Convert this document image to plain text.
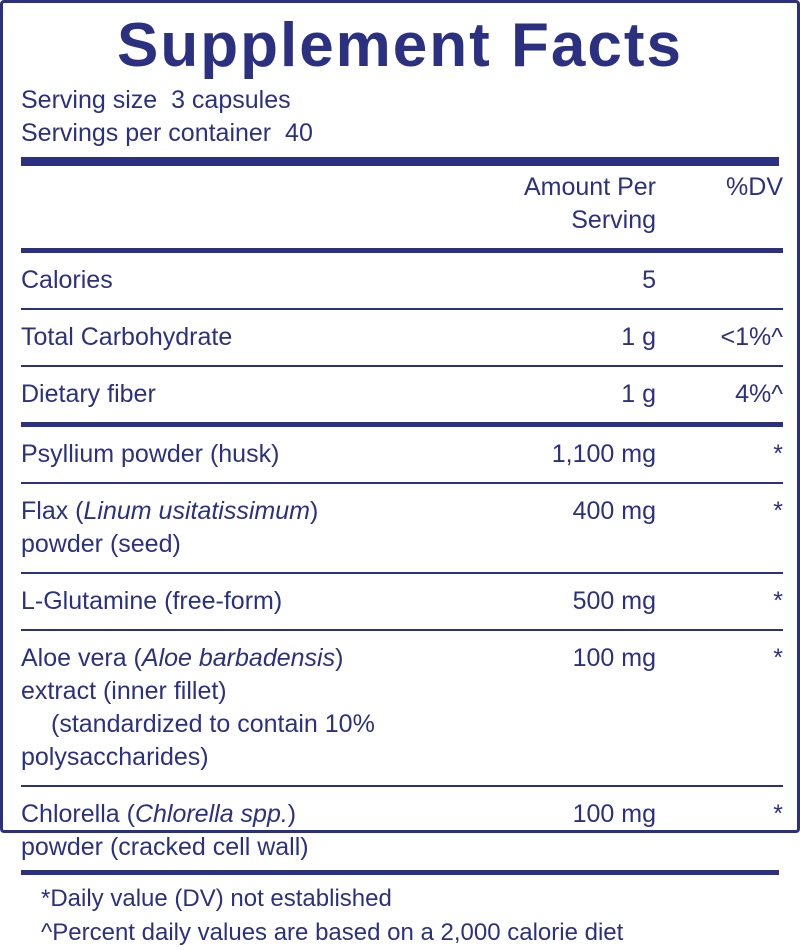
Supplement Facts
Serving size 3 capsules
Servings per container 40
	Amount Per Serving	%DV

Calories	5	

Total Carbohydrate	1 g	<1%^

Dietary fiber	1 g	4%^

Psyllium powder (husk)	1,100 mg	*

Flax (Linum usitatissimum)
powder (seed)	400 mg	*

L-Glutamine (free-form)	500 mg	*

Aloe vera (Aloe barbadensis)
extract (inner fillet)
(standardized to contain 10% polysaccharides)	100 mg	*

Chlorella (Chlorella spp.)
powder (cracked cell wall)	100 mg	*
*Daily value (DV) not established
^Percent daily values are based on a 2,000 calorie diet
